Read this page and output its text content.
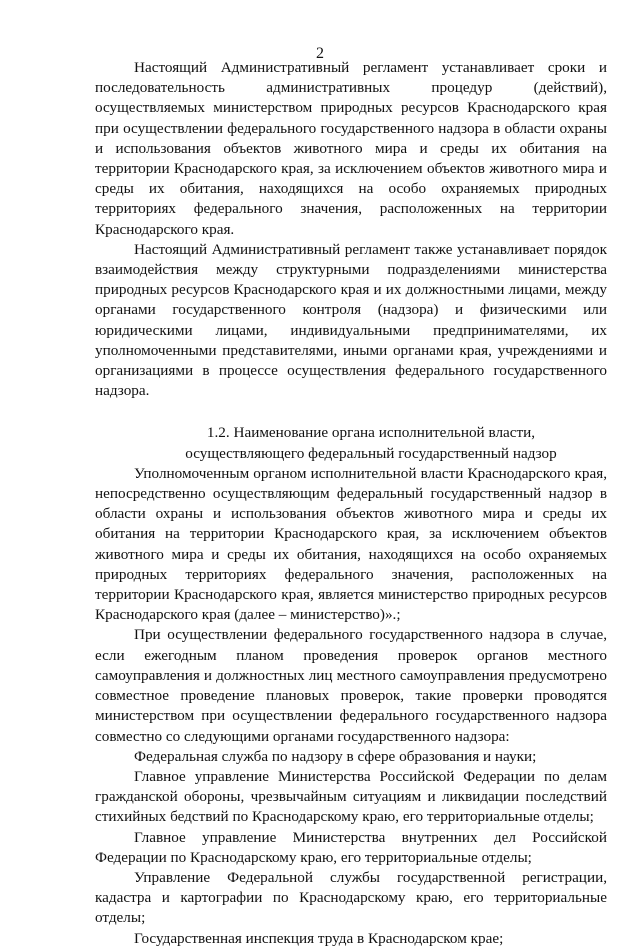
2

Настоящий Административный регламент устанавливает сроки и последовательность административных процедур (действий), осуществляемых министерством природных ресурсов Краснодарского края при осуществлении федерального государственного надзора в области охраны и использования объектов животного мира и среды их обитания на территории Краснодарского края, за исключением объектов животного мира и среды их обитания, находящихся на особо охраняемых природных территориях федерального значения, расположенных на территории Краснодарского края.

Настоящий Административный регламент также устанавливает порядок взаимодействия между структурными подразделениями министерства природных ресурсов Краснодарского края и их должностными лицами, между органами государственного контроля (надзора) и физическими или юридическими лицами, индивидуальными предпринимателями, их уполномоченными представителями, иными органами края, учреждениями и организациями в процессе осуществления федерального государственного надзора.

1.2. Наименование органа исполнительной власти,

осуществляющего федеральный государственный надзор

Уполномоченным органом исполнительной власти Краснодарского края, непосредственно осуществляющим федеральный государственный надзор в области охраны и использования объектов животного мира и среды их обитания на территории Краснодарского края, за исключением объектов животного мира и среды их обитания, находящихся на особо охраняемых природных территориях федерального значения, расположенных на территории Краснодарского края, является министерство природных ресурсов Краснодарского края (далее – министерство)».;

При осуществлении федерального государственного надзора в случае, если ежегодным планом проведения проверок органов местного самоуправления и должностных лиц местного самоуправления предусмотрено совместное проведение плановых проверок, такие проверки проводятся министерством при осуществлении федерального государственного надзора совместно со следующими органами государственного надзора:

Федеральная служба по надзору в сфере образования и науки;

Главное управление Министерства Российской Федерации по делам гражданской обороны, чрезвычайным ситуациям и ликвидации последствий стихийных бедствий по Краснодарскому краю, его территориальные отделы;

Главное управление Министерства внутренних дел Российской Федерации по Краснодарскому краю, его территориальные отделы;

Управление Федеральной службы государственной регистрации, кадастра и картографии по Краснодарскому краю, его территориальные отделы;

Государственная инспекция труда в Краснодарском крае;
